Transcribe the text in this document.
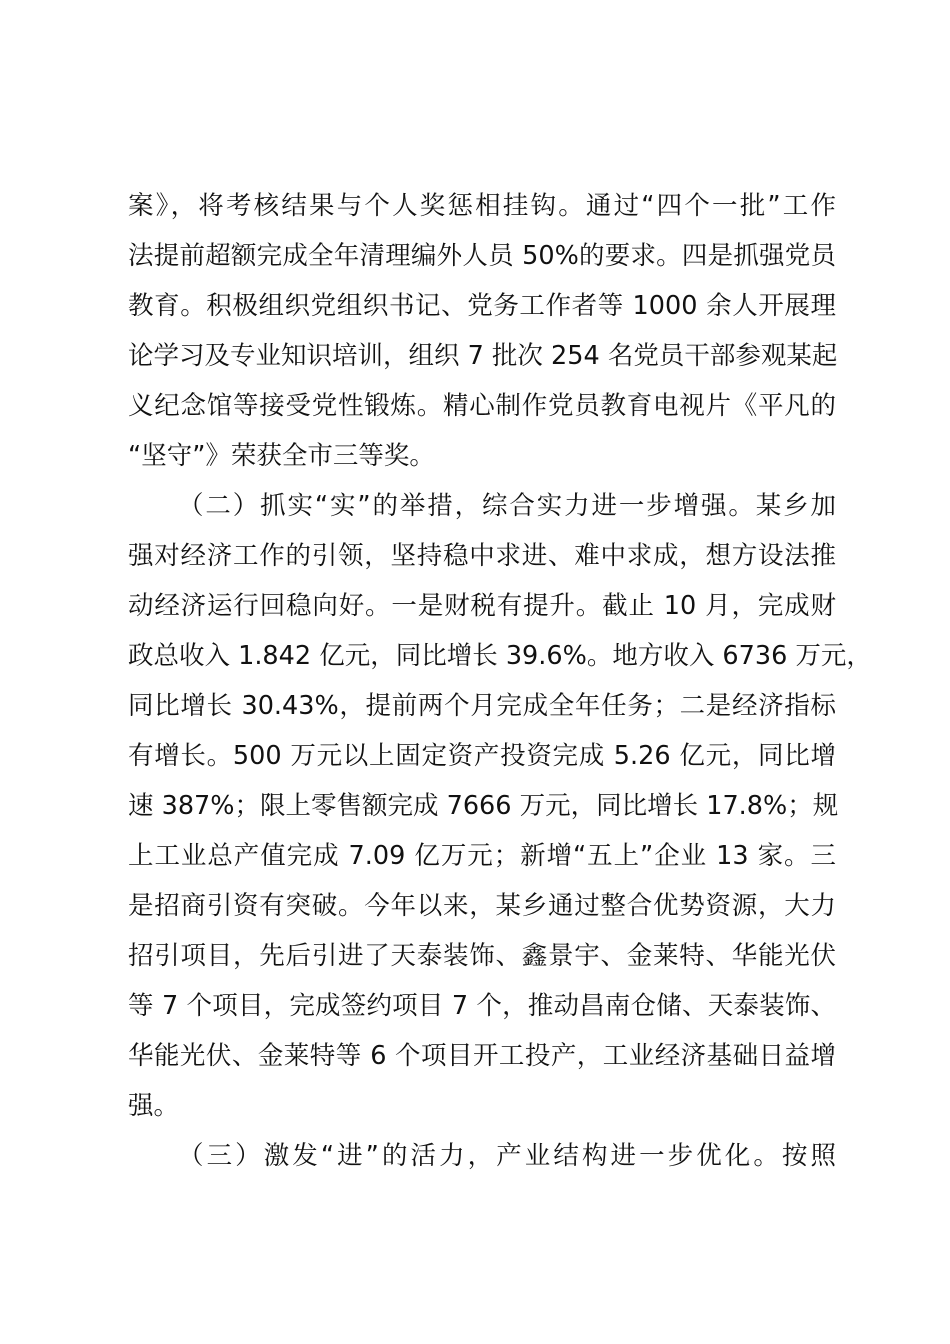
案》，将考核结果与个人奖惩相挂钩。通过“四个一批”工作
法提前超额完成全年清理编外人员 50%的要求。四是抓强党员
教育。积极组织党组织书记、党务工作者等 1000 余人开展理
论学习及专业知识培训，组织 7 批次 254 名党员干部参观某起
义纪念馆等接受党性锻炼。精心制作党员教育电视片《平凡的
“坚守”》荣获全市三等奖。
（二）抓实“实”的举措，综合实力进一步增强。某乡加
强对经济工作的引领，坚持稳中求进、难中求成，想方设法推
动经济运行回稳向好。一是财税有提升。截止 10 月，完成财
政总收入 1.842 亿元，同比增长 39.6%。地方收入 6736 万元，
同比增长 30.43%，提前两个月完成全年任务；二是经济指标
有增长。500 万元以上固定资产投资完成 5.26 亿元，同比增
速 387%；限上零售额完成 7666 万元，同比增长 17.8%；规
上工业总产值完成 7.09 亿万元；新增“五上”企业 13 家。三
是招商引资有突破。今年以来，某乡通过整合优势资源，大力
招引项目，先后引进了天泰装饰、鑫景宇、金莱特、华能光伏
等 7 个项目，完成签约项目 7 个，推动昌南仓储、天泰装饰、
华能光伏、金莱特等 6 个项目开工投产，工业经济基础日益增
强。
（三）激发“进”的活力，产业结构进一步优化。按照
